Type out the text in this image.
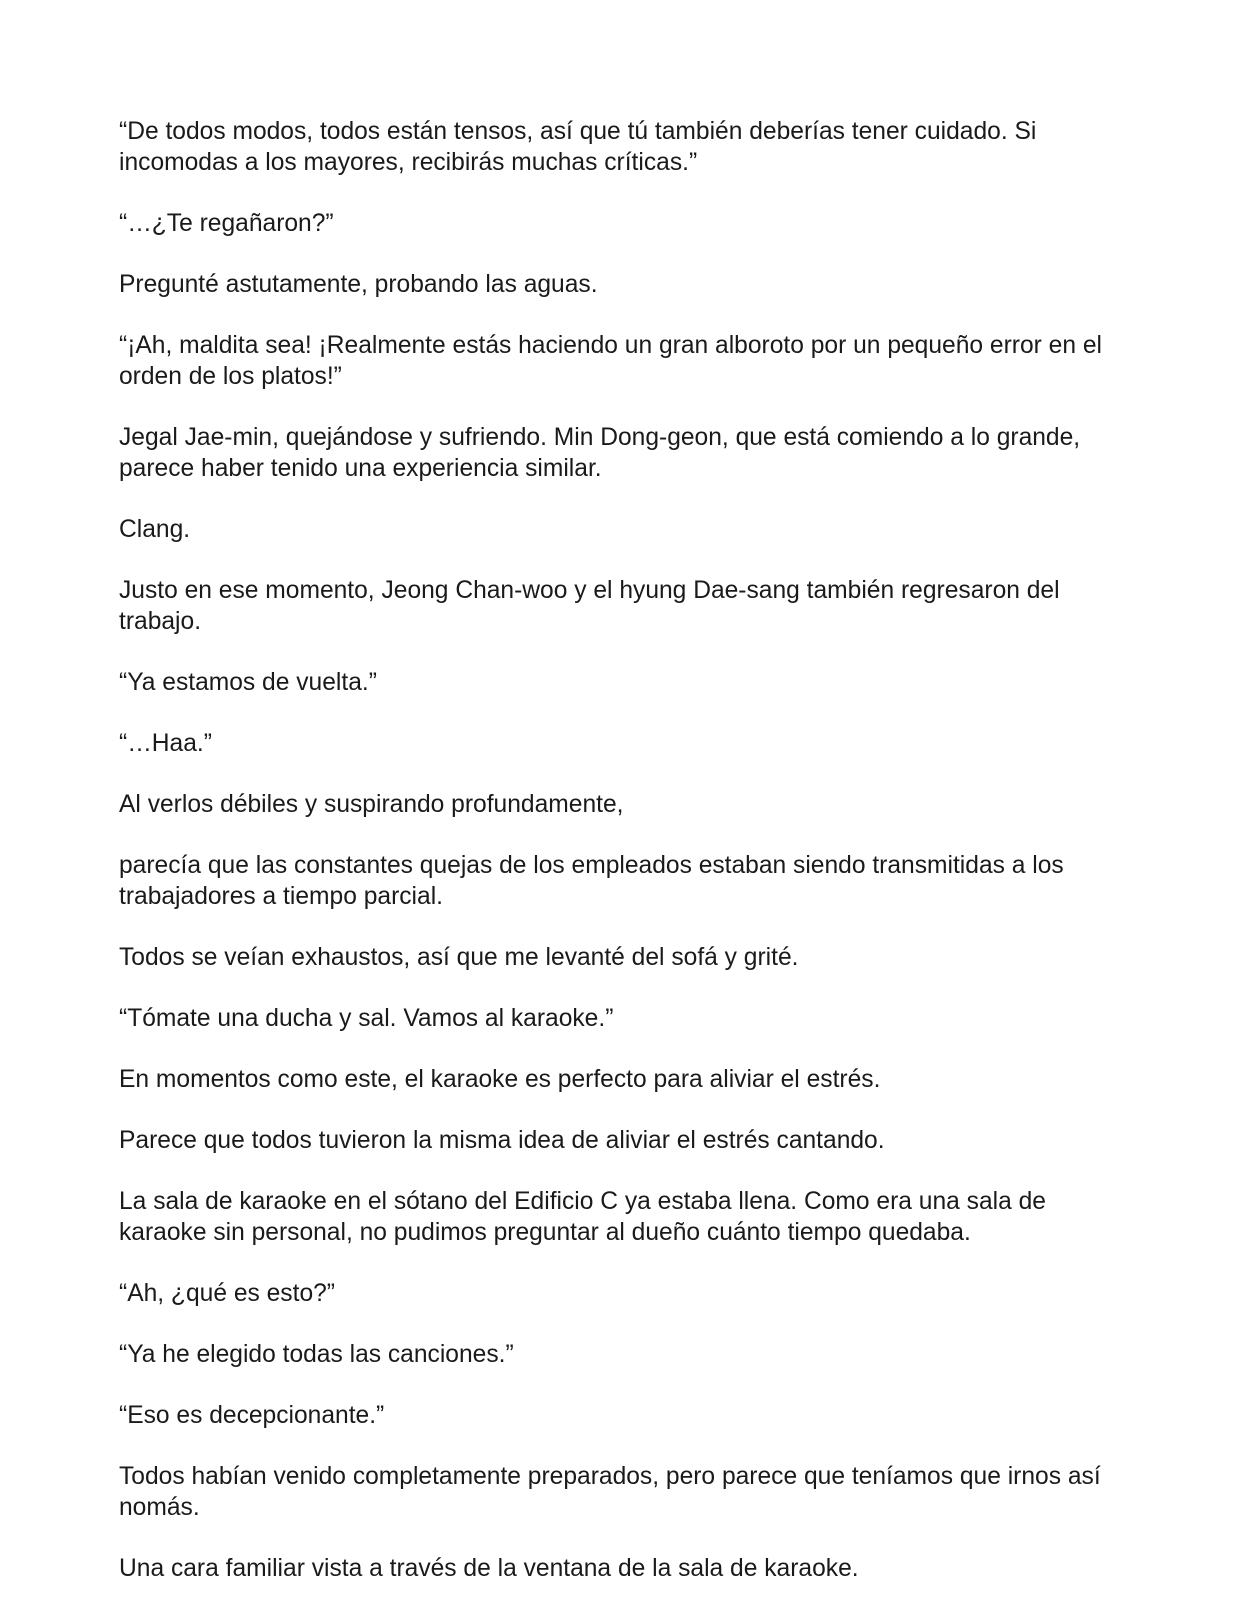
“De todos modos, todos están tensos, así que tú también deberías tener cuidado. Si incomodas a los mayores, recibirás muchas críticas.”

“…¿Te regañaron?”

Pregunté astutamente, probando las aguas.

“¡Ah, maldita sea! ¡Realmente estás haciendo un gran alboroto por un pequeño error en el orden de los platos!”

Jegal Jae-min, quejándose y sufriendo. Min Dong-geon, que está comiendo a lo grande, parece haber tenido una experiencia similar.

Clang.

Justo en ese momento, Jeong Chan-woo y el hyung Dae-sang también regresaron del trabajo.

“Ya estamos de vuelta.”

“…Haa.”

Al verlos débiles y suspirando profundamente,

parecía que las constantes quejas de los empleados estaban siendo transmitidas a los trabajadores a tiempo parcial.

Todos se veían exhaustos, así que me levanté del sofá y grité.

“Tómate una ducha y sal. Vamos al karaoke.”

En momentos como este, el karaoke es perfecto para aliviar el estrés.

Parece que todos tuvieron la misma idea de aliviar el estrés cantando.

La sala de karaoke en el sótano del Edificio C ya estaba llena. Como era una sala de karaoke sin personal, no pudimos preguntar al dueño cuánto tiempo quedaba.

“Ah, ¿qué es esto?”

“Ya he elegido todas las canciones.”

“Eso es decepcionante.”

Todos habían venido completamente preparados, pero parece que teníamos que irnos así nomás.

Una cara familiar vista a través de la ventana de la sala de karaoke.
